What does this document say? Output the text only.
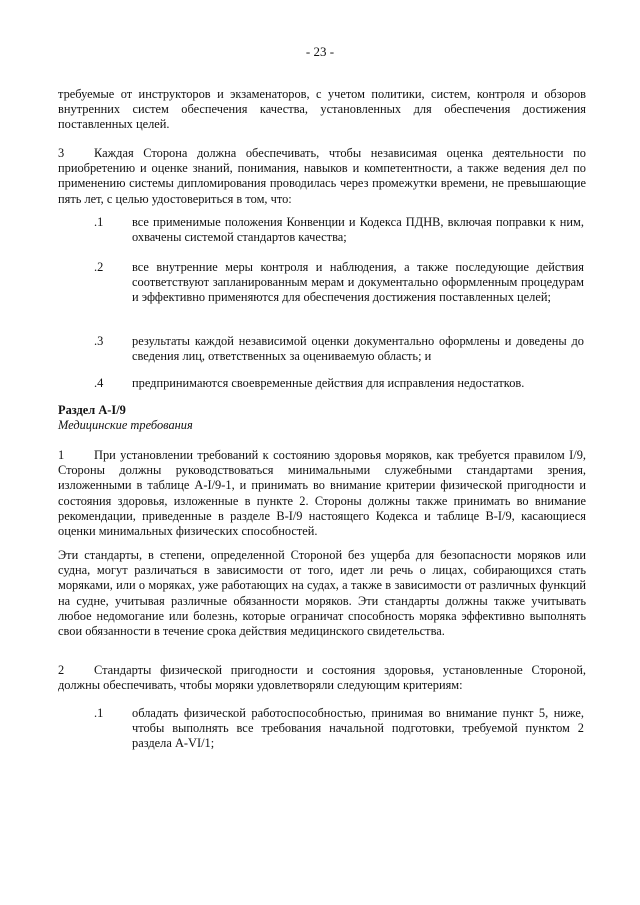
- 23 -

требуемые от инструкторов и экзаменаторов, с учетом политики, систем, контроля и обзоров внутренних систем обеспечения качества, установленных для обеспечения достижения поставленных целей.

3	Каждая Сторона должна обеспечивать, чтобы независимая оценка деятельности по приобретению и оценке знаний, понимания, навыков и компетентности, а также ведения дел по применению системы дипломирования проводилась через промежутки времени, не превышающие пять лет, с целью удостовериться в том, что:

.1 все применимые положения Конвенции и Кодекса ПДНВ, включая поправки к ним, охвачены системой стандартов качества;

.2 все внутренние меры контроля и наблюдения, а также последующие действия соответствуют запланированным мерам и документально оформленным процедурам и эффективно применяются для обеспечения достижения поставленных целей;

.3 результаты каждой независимой оценки документально оформлены и доведены до сведения лиц, ответственных за оцениваемую область; и

.4 предпринимаются своевременные действия для исправления недостатков.

Раздел A-I/9
Медицинские требования
1	При установлении требований к состоянию здоровья моряков, как требуется правилом I/9, Стороны должны руководствоваться минимальными служебными стандартами зрения, изложенными в таблице A-I/9-1, и принимать во внимание критерии физической пригодности и состояния здоровья, изложенные в пункте 2. Стороны должны также принимать во внимание рекомендации, приведенные в разделе B-I/9 настоящего Кодекса и таблице B-I/9, касающиеся оценки минимальных физических способностей.

Эти стандарты, в степени, определенной Стороной без ущерба для безопасности моряков или судна, могут различаться в зависимости от того, идет ли речь о лицах, собирающихся стать моряками, или о моряках, уже работающих на судах, а также в зависимости от различных функций на судне, учитывая различные обязанности моряков. Эти стандарты должны также учитывать любое недомогание или болезнь, которые ограничат способность моряка эффективно выполнять свои обязанности в течение срока действия медицинского свидетельства.

2	Стандарты физической пригодности и состояния здоровья, установленные Стороной, должны обеспечивать, чтобы моряки удовлетворяли следующим критериям:

.1 обладать физической работоспособностью, принимая во внимание пункт 5, ниже, чтобы выполнять все требования начальной подготовки, требуемой пунктом 2 раздела A-VI/1;
